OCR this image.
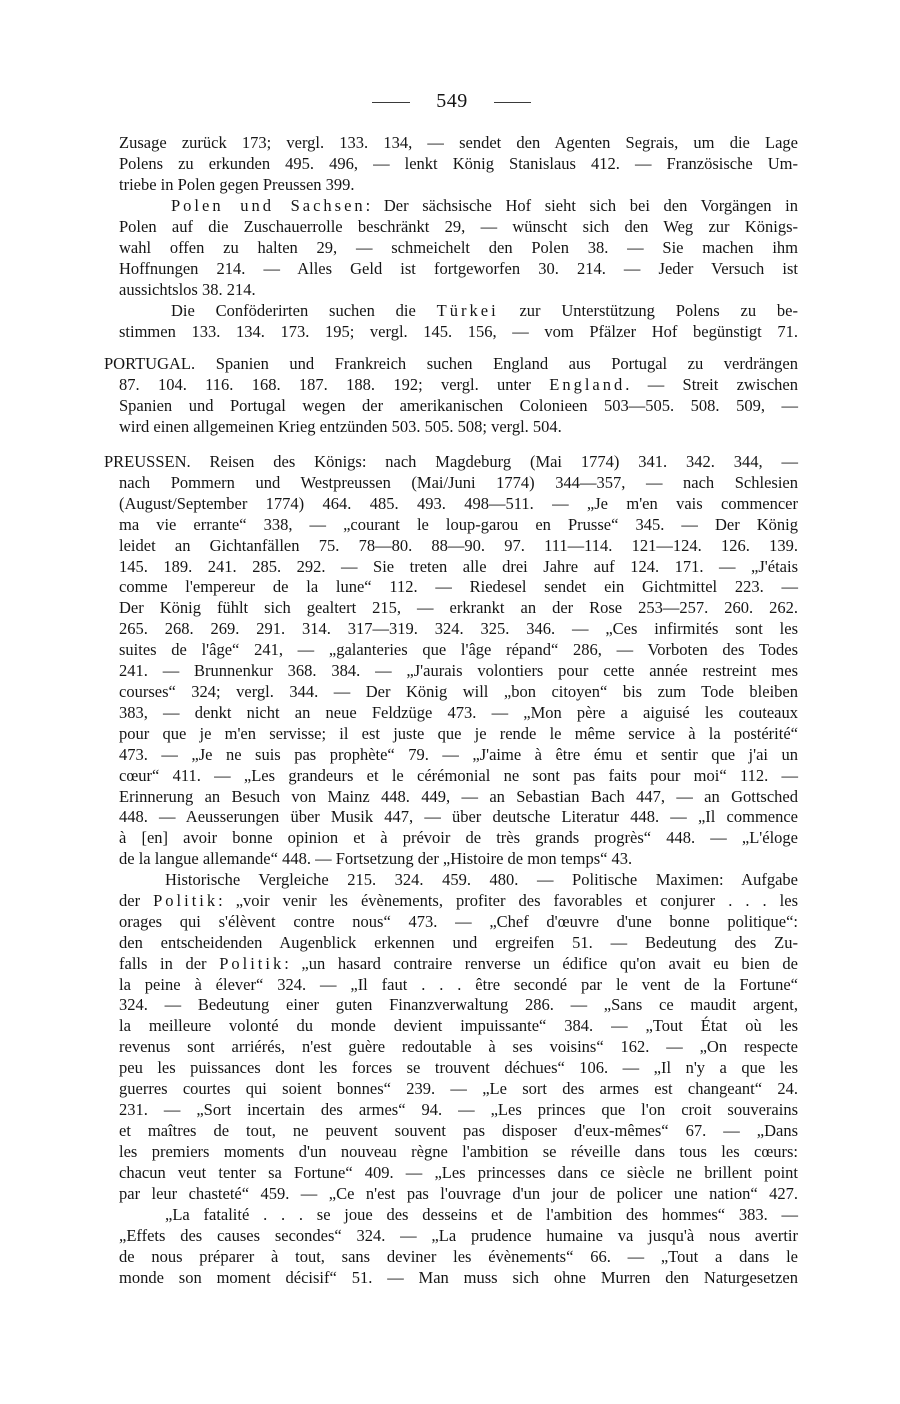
549
Zusage zurück 173; vergl. 133. 134, — sendet den Agenten Segrais, um die Lage
Polens zu erkunden 495. 496, — lenkt König Stanislaus 412. — Französische Um-
triebe in Polen gegen Preussen 399.
Polen und Sachsen: Der sächsische Hof sieht sich bei den Vorgängen in
Polen auf die Zuschauerrolle beschränkt 29, — wünscht sich den Weg zur Königs-
wahl offen zu halten 29, — schmeichelt den Polen 38. — Sie machen ihm
Hoffnungen 214. — Alles Geld ist fortgeworfen 30. 214. — Jeder Versuch ist
aussichtslos 38. 214.
Die Conföderirten suchen die Türkei zur Unterstützung Polens zu be-
stimmen 133. 134. 173. 195; vergl. 145. 156, — vom Pfälzer Hof begünstigt 71.
PORTUGAL. Spanien und Frankreich suchen England aus Portugal zu verdrängen
87. 104. 116. 168. 187. 188. 192; vergl. unter England. — Streit zwischen
Spanien und Portugal wegen der amerikanischen Colonieen 503—505. 508. 509, —
wird einen allgemeinen Krieg entzünden 503. 505. 508; vergl. 504.
PREUSSEN. Reisen des Königs: nach Magdeburg (Mai 1774) 341. 342. 344, —
nach Pommern und Westpreussen (Mai/Juni 1774) 344—357, — nach Schlesien
(August/September 1774) 464. 485. 493. 498—511. — „Je m'en vais commencer
ma vie errante“ 338, — „courant le loup-garou en Prusse“ 345. — Der König
leidet an Gichtanfällen 75. 78—80. 88—90. 97. 111—114. 121—124. 126. 139.
145. 189. 241. 285. 292. — Sie treten alle drei Jahre auf 124. 171. — „J'étais
comme l'empereur de la lune“ 112. — Riedesel sendet ein Gichtmittel 223. —
Der König fühlt sich gealtert 215, — erkrankt an der Rose 253—257. 260. 262.
265. 268. 269. 291. 314. 317—319. 324. 325. 346. — „Ces infirmités sont les
suites de l'âge“ 241, — „galanteries que l'âge répand“ 286, — Vorboten des Todes
241. — Brunnenkur 368. 384. — „J'aurais volontiers pour cette année restreint mes
courses“ 324; vergl. 344. — Der König will „bon citoyen“ bis zum Tode bleiben
383, — denkt nicht an neue Feldzüge 473. — „Mon père a aiguisé les couteaux
pour que je m'en servisse; il est juste que je rende le même service à la postérité“
473. — „Je ne suis pas prophète“ 79. — „J'aime à être ému et sentir que j'ai un
cœur“ 411. — „Les grandeurs et le cérémonial ne sont pas faits pour moi“ 112. —
Erinnerung an Besuch von Mainz 448. 449, — an Sebastian Bach 447, — an Gottsched
448. — Aeusserungen über Musik 447, — über deutsche Literatur 448. — „Il commence
à [en] avoir bonne opinion et à prévoir de très grands progrès“ 448. — „L'éloge
de la langue allemande“ 448. — Fortsetzung der „Histoire de mon temps“ 43.
Historische Vergleiche 215. 324. 459. 480. — Politische Maximen: Aufgabe
der Politik: „voir venir les évènements, profiter des favorables et conjurer . . . les
orages qui s'élèvent contre nous“ 473. — „Chef d'œuvre d'une bonne politique“:
den entscheidenden Augenblick erkennen und ergreifen 51. — Bedeutung des Zu-
falls in der Politik: „un hasard contraire renverse un édifice qu'on avait eu bien de
la peine à élever“ 324. — „Il faut . . . être secondé par le vent de la Fortune“
324. — Bedeutung einer guten Finanzverwaltung 286. — „Sans ce maudit argent,
la meilleure volonté du monde devient impuissante“ 384. — „Tout État où les
revenus sont arriérés, n'est guère redoutable à ses voisins“ 162. — „On respecte
peu les puissances dont les forces se trouvent déchues“ 106. — „Il n'y a que les
guerres courtes qui soient bonnes“ 239. — „Le sort des armes est changeant“ 24.
231. — „Sort incertain des armes“ 94. — „Les princes que l'on croit souverains
et maîtres de tout, ne peuvent souvent pas disposer d'eux-mêmes“ 67. — „Dans
les premiers moments d'un nouveau règne l'ambition se réveille dans tous les cœurs:
chacun veut tenter sa Fortune“ 409. — „Les princesses dans ce siècle ne brillent point
par leur chasteté“ 459. — „Ce n'est pas l'ouvrage d'un jour de policer une nation“ 427.
„La fatalité . . . se joue des desseins et de l'ambition des hommes“ 383. —
„Effets des causes secondes“ 324. — „La prudence humaine va jusqu'à nous avertir
de nous préparer à tout, sans deviner les évènements“ 66. — „Tout a dans le
monde son moment décisif“ 51. — Man muss sich ohne Murren den Naturgesetzen
